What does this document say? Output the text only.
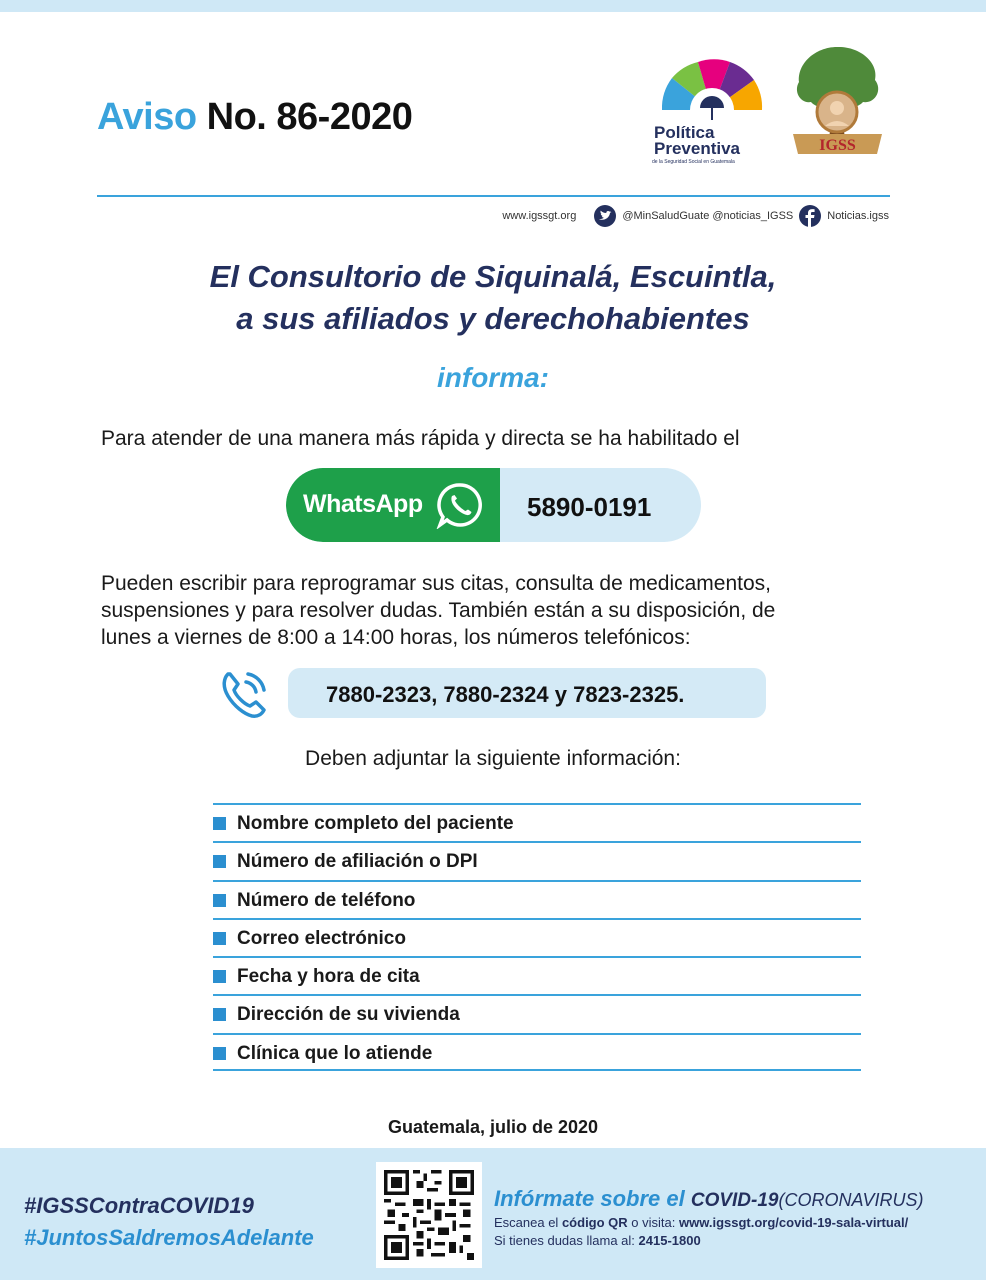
Aviso No. 86-2020	Política
Preventiva
de la Seguridad Social en Guatemala
IGSS
www.igssgt.org	@MinSaludGuate @noticias_IGSS	Noticias.igss
El Consultorio de Siquinalá, Escuintla,
a sus afiliados y derechohabientes
informa:
Para atender de una manera más rápida y directa se ha habilitado el
WhatsApp	5890-0191
Pueden escribir para reprogramar sus citas, consulta de medicamentos,
suspensiones y para resolver dudas. También están a su disposición, de
lunes a viernes de 8:00 a 14:00 horas, los números telefónicos:
7880-2323, 7880-2324 y 7823-2325.
Deben adjuntar la siguiente información:
Nombre completo del paciente
Número de afiliación o DPI
Número de teléfono
Correo electrónico
Fecha y hora de cita
Dirección de su vivienda
Clínica que lo atiende
Guatemala, julio de 2020
#IGSSContraCOVID19
#JuntosSaldremosAdelante
Infórmate sobre el COVID-19(CORONAVIRUS)
Escanea el código QR o visita: www.igssgt.org/covid-19-sala-virtual/
Si tienes dudas llama al: 2415-1800
